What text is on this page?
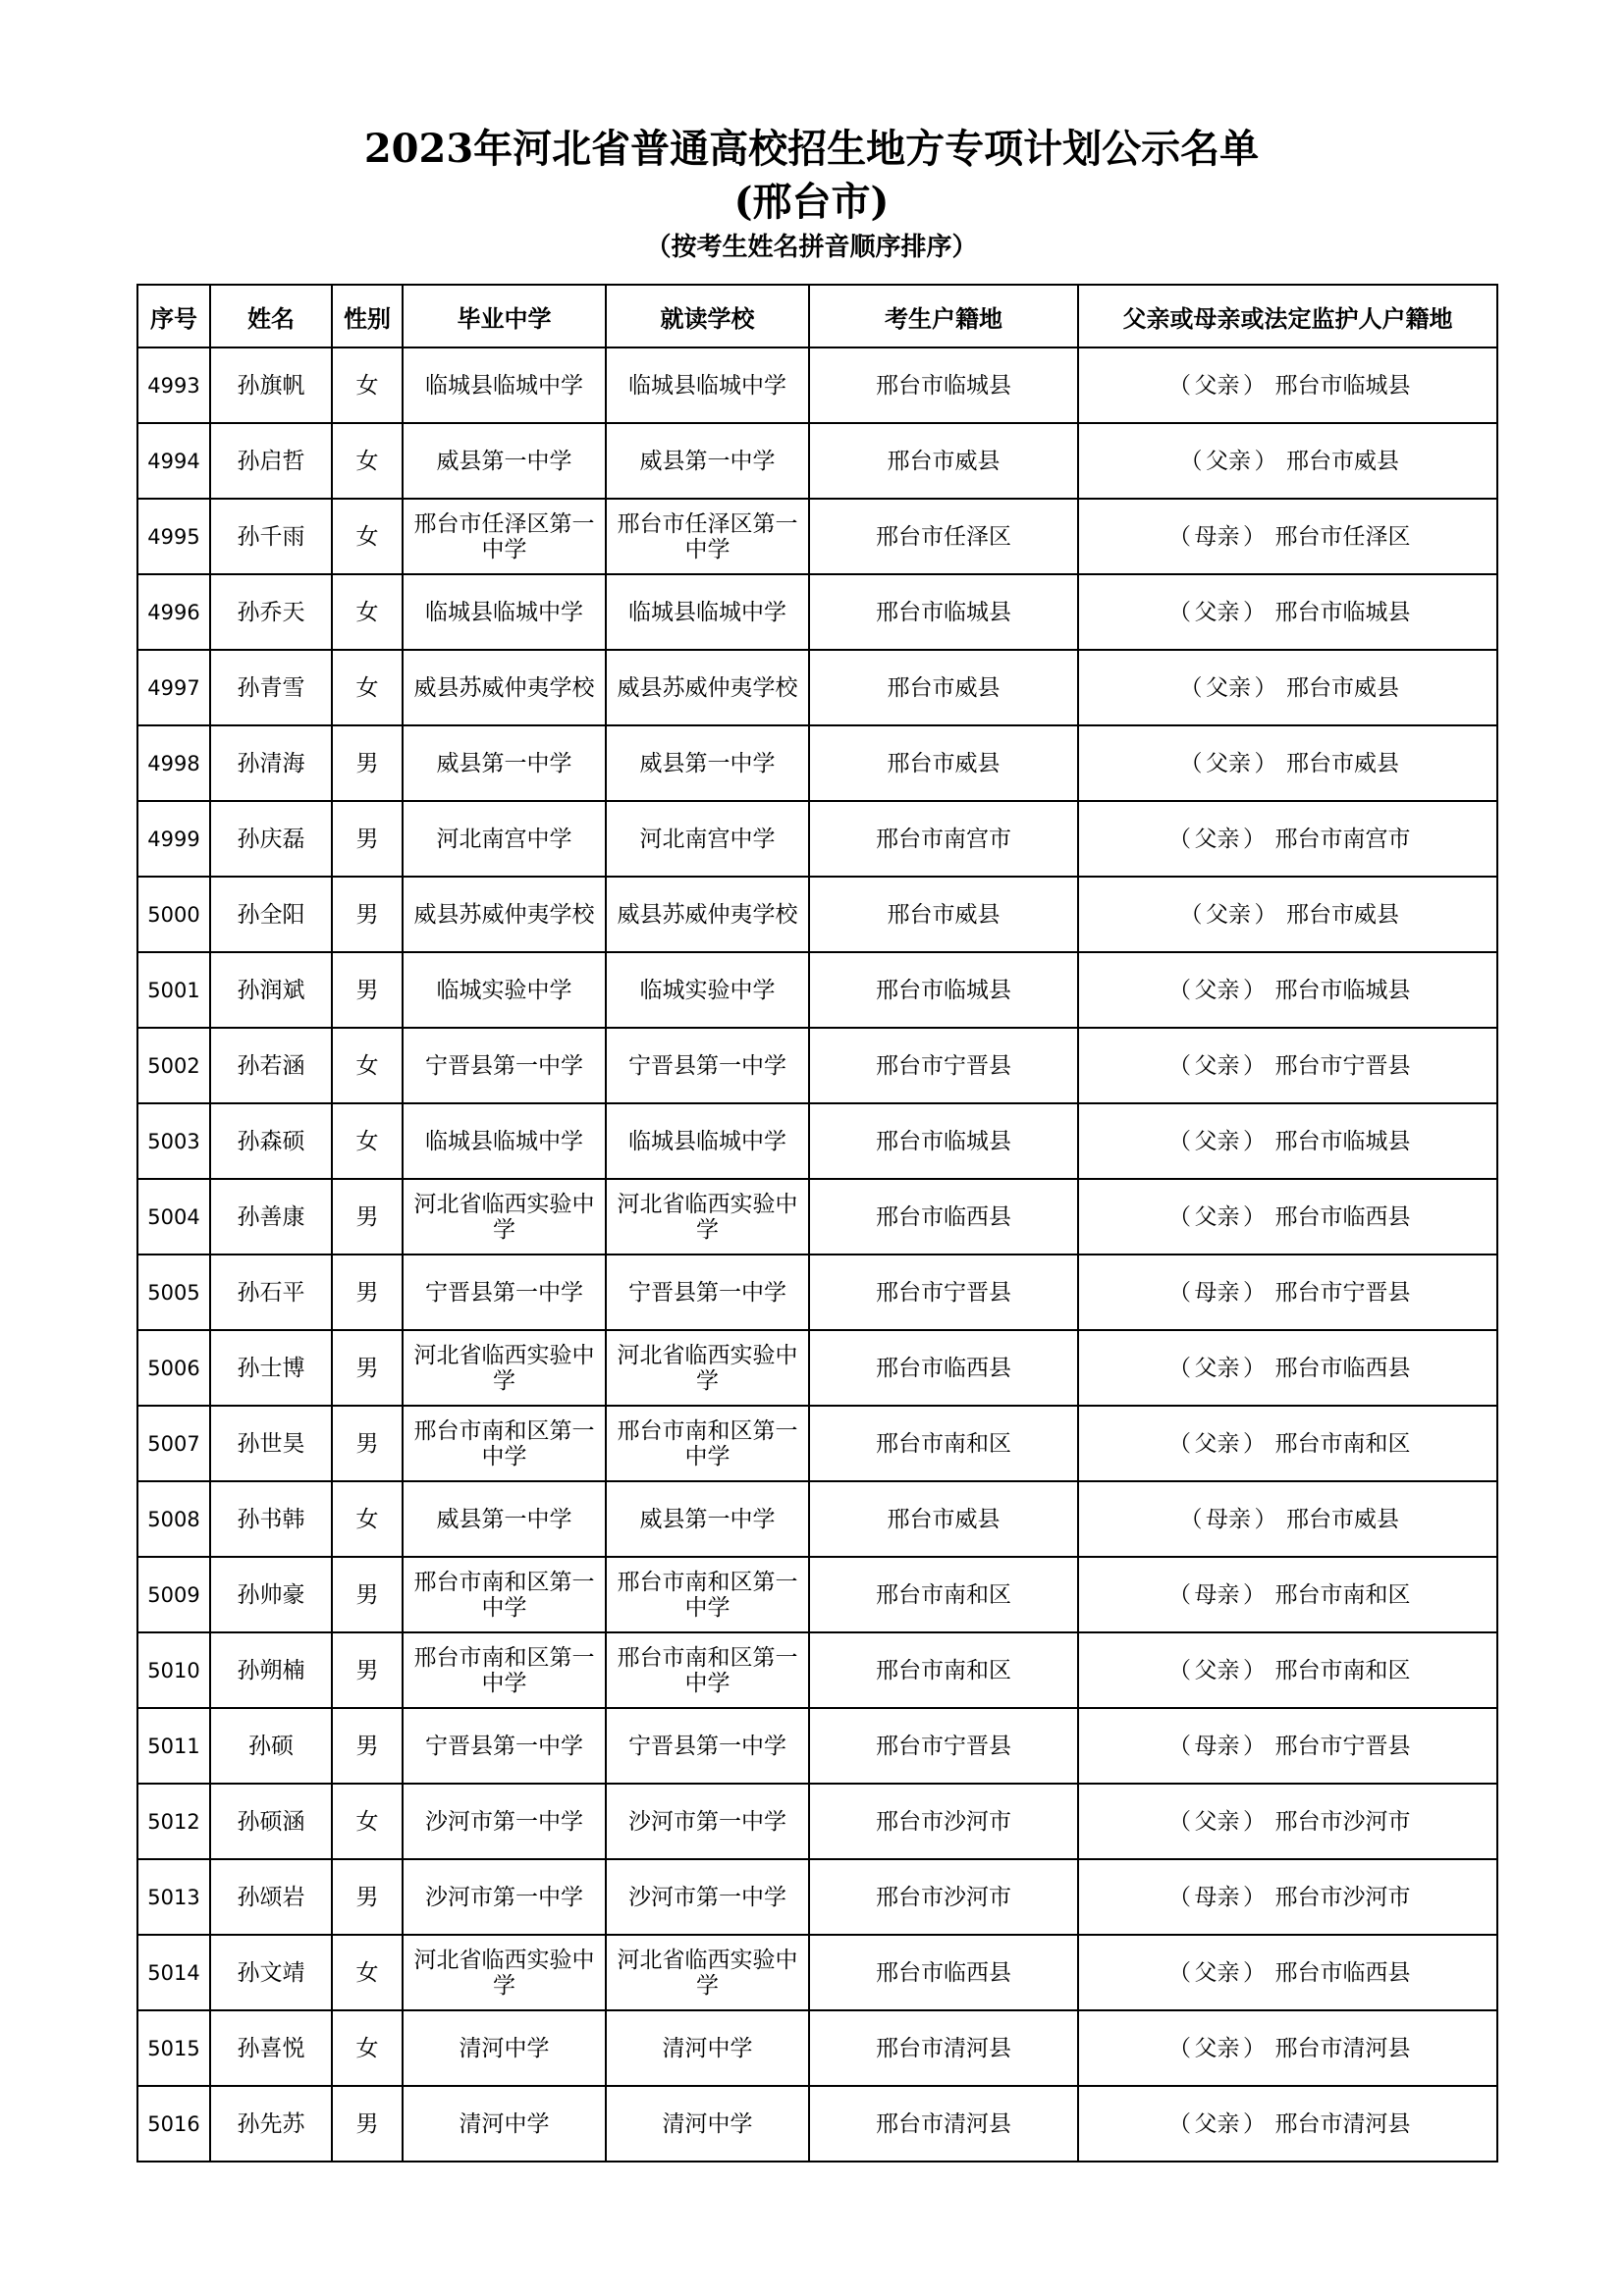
2023年河北省普通高校招生地方专项计划公示名单
(邢台市)
（按考生姓名拼音顺序排序）
序号	姓名	性别	毕业中学	就读学校	考生户籍地	父亲或母亲或法定监护人户籍地
4993	孙旗帆	女	临城县临城中学	临城县临城中学	邢台市临城县	（ 父亲 ） 邢台市临城县
4994	孙启哲	女	威县第一中学	威县第一中学	邢台市威县	（ 父亲 ） 邢台市威县
4995	孙千雨	女	邢台市任泽区第一中学	邢台市任泽区第一中学	邢台市任泽区	（ 母亲 ） 邢台市任泽区
4996	孙乔天	女	临城县临城中学	临城县临城中学	邢台市临城县	（ 父亲 ） 邢台市临城县
4997	孙青雪	女	威县苏威仲夷学校	威县苏威仲夷学校	邢台市威县	（ 父亲 ） 邢台市威县
4998	孙清海	男	威县第一中学	威县第一中学	邢台市威县	（ 父亲 ） 邢台市威县
4999	孙庆磊	男	河北南宫中学	河北南宫中学	邢台市南宫市	（ 父亲 ） 邢台市南宫市
5000	孙全阳	男	威县苏威仲夷学校	威县苏威仲夷学校	邢台市威县	（ 父亲 ） 邢台市威县
5001	孙润斌	男	临城实验中学	临城实验中学	邢台市临城县	（ 父亲 ） 邢台市临城县
5002	孙若涵	女	宁晋县第一中学	宁晋县第一中学	邢台市宁晋县	（ 父亲 ） 邢台市宁晋县
5003	孙森硕	女	临城县临城中学	临城县临城中学	邢台市临城县	（ 父亲 ） 邢台市临城县
5004	孙善康	男	河北省临西实验中学	河北省临西实验中学	邢台市临西县	（ 父亲 ） 邢台市临西县
5005	孙石平	男	宁晋县第一中学	宁晋县第一中学	邢台市宁晋县	（ 母亲 ） 邢台市宁晋县
5006	孙士博	男	河北省临西实验中学	河北省临西实验中学	邢台市临西县	（ 父亲 ） 邢台市临西县
5007	孙世昊	男	邢台市南和区第一中学	邢台市南和区第一中学	邢台市南和区	（ 父亲 ） 邢台市南和区
5008	孙书韩	女	威县第一中学	威县第一中学	邢台市威县	（ 母亲 ） 邢台市威县
5009	孙帅豪	男	邢台市南和区第一中学	邢台市南和区第一中学	邢台市南和区	（ 母亲 ） 邢台市南和区
5010	孙朔楠	男	邢台市南和区第一中学	邢台市南和区第一中学	邢台市南和区	（ 父亲 ） 邢台市南和区
5011	孙硕	男	宁晋县第一中学	宁晋县第一中学	邢台市宁晋县	（ 母亲 ） 邢台市宁晋县
5012	孙硕涵	女	沙河市第一中学	沙河市第一中学	邢台市沙河市	（ 父亲 ） 邢台市沙河市
5013	孙颂岩	男	沙河市第一中学	沙河市第一中学	邢台市沙河市	（ 母亲 ） 邢台市沙河市
5014	孙文靖	女	河北省临西实验中学	河北省临西实验中学	邢台市临西县	（ 父亲 ） 邢台市临西县
5015	孙喜悦	女	清河中学	清河中学	邢台市清河县	（ 父亲 ） 邢台市清河县
5016	孙先苏	男	清河中学	清河中学	邢台市清河县	（ 父亲 ） 邢台市清河县
